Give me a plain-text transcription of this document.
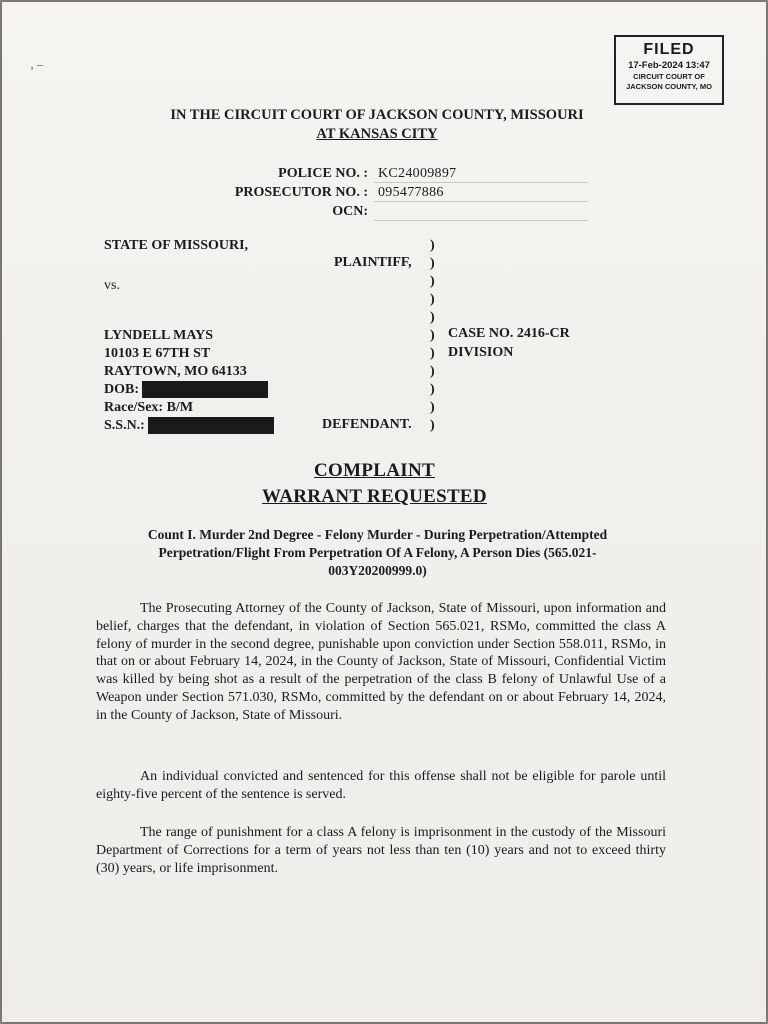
‚ –
FILED
17-Feb-2024 13:47
CIRCUIT COURT OF
JACKSON COUNTY, MO
IN THE CIRCUIT COURT OF JACKSON COUNTY, MISSOURI
AT KANSAS CITY
POLICE NO. : KC24009897
PROSECUTOR NO. : 095477886
OCN:
STATE OF MISSOURI,
vs.
LYNDELL MAYS
10103 E 67TH ST
RAYTOWN, MO 64133
DOB:
Race/Sex: B/M
S.S.N.:
PLAINTIFF,
DEFENDANT.
)
)
)
)
)
)
)
)
)
)
)
CASE NO. 2416-CR
DIVISION
COMPLAINT
WARRANT REQUESTED
Count I. Murder 2nd Degree - Felony Murder - During Perpetration/Attempted Perpetration/Flight From Perpetration Of A Felony, A Person Dies (565.021-003Y20200999.0)

The Prosecuting Attorney of the County of Jackson, State of Missouri, upon information and belief, charges that the defendant, in violation of Section 565.021, RSMo, committed the class A felony of murder in the second degree, punishable upon conviction under Section 558.011, RSMo, in that on or about February 14, 2024, in the County of Jackson, State of Missouri, Confidential Victim was killed by being shot as a result of the perpetration of the class B felony of Unlawful Use of a Weapon under Section 571.030, RSMo, committed by the defendant on or about February 14, 2024, in the County of Jackson, State of Missouri.

An individual convicted and sentenced for this offense shall not be eligible for parole until eighty-five percent of the sentence is served.

The range of punishment for a class A felony is imprisonment in the custody of the Missouri Department of Corrections for a term of years not less than ten (10) years and not to exceed thirty (30) years, or life imprisonment.
